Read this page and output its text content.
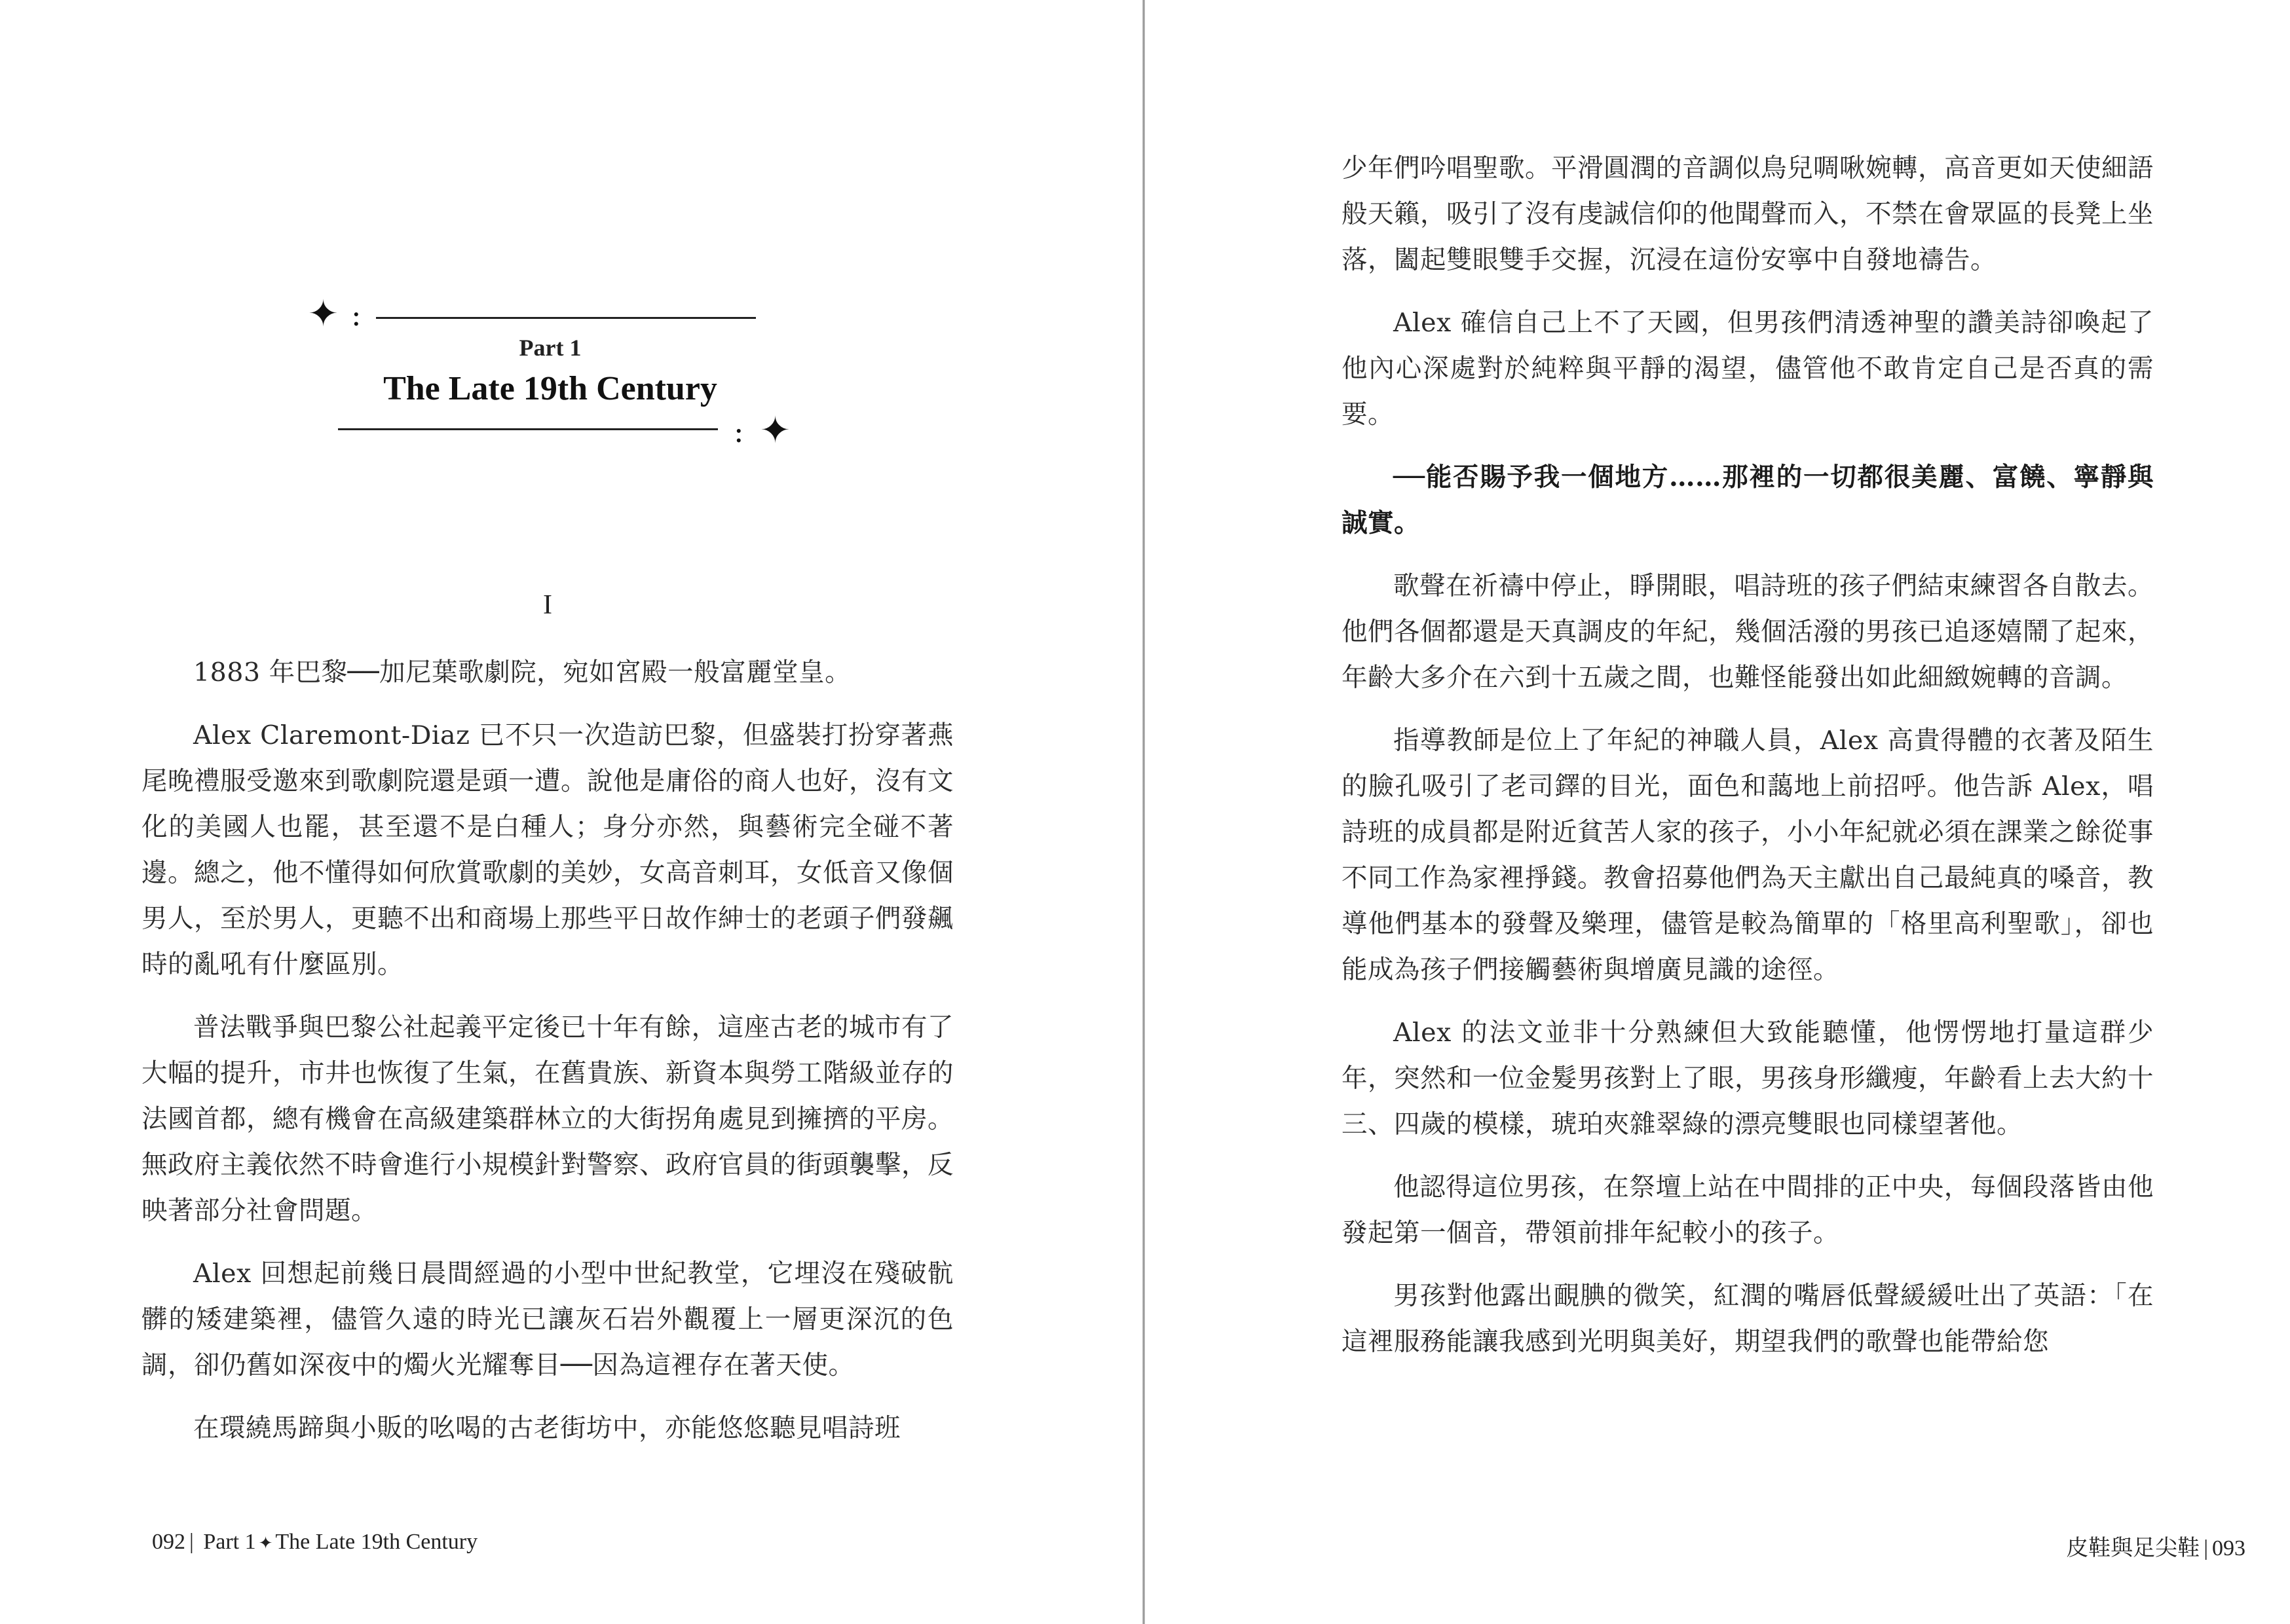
✦ :
Part 1
The Late 19th Century
: ✦
I

1883 年巴黎──加尼葉歌劇院，宛如宮殿一般富麗堂皇。

Alex Claremont-Diaz 已不只一次造訪巴黎，但盛裝打扮穿著燕尾晚禮服受邀來到歌劇院還是頭一遭。說他是庸俗的商人也好，沒有文化的美國人也罷，甚至還不是白種人；身分亦然，與藝術完全碰不著邊。總之，他不懂得如何欣賞歌劇的美妙，女高音刺耳，女低音又像個男人，至於男人，更聽不出和商場上那些平日故作紳士的老頭子們發飆時的亂吼有什麼區別。

普法戰爭與巴黎公社起義平定後已十年有餘，這座古老的城市有了大幅的提升，市井也恢復了生氣，在舊貴族、新資本與勞工階級並存的法國首都，總有機會在高級建築群林立的大街拐角處見到擁擠的平房。無政府主義依然不時會進行小規模針對警察、政府官員的街頭襲擊，反映著部分社會問題。

Alex 回想起前幾日晨間經過的小型中世紀教堂，它埋沒在殘破骯髒的矮建築裡，儘管久遠的時光已讓灰石岩外觀覆上一層更深沉的色調，卻仍舊如深夜中的燭火光耀奪目──因為這裡存在著天使。

在環繞馬蹄與小販的吆喝的古老街坊中，亦能悠悠聽見唱詩班

092 | Part 1 ✦ The Late 19th Century

少年們吟唱聖歌。平滑圓潤的音調似鳥兒啁啾婉轉，高音更如天使細語般天籟，吸引了沒有虔誠信仰的他聞聲而入，不禁在會眾區的長凳上坐落，闔起雙眼雙手交握，沉浸在這份安寧中自發地禱告。

Alex 確信自己上不了天國，但男孩們清透神聖的讚美詩卻喚起了他內心深處對於純粹與平靜的渴望，儘管他不敢肯定自己是否真的需要。

──能否賜予我一個地方……那裡的一切都很美麗、富饒、寧靜與誠實。

歌聲在祈禱中停止，睜開眼，唱詩班的孩子們結束練習各自散去。他們各個都還是天真調皮的年紀，幾個活潑的男孩已追逐嬉鬧了起來，年齡大多介在六到十五歲之間，也難怪能發出如此細緻婉轉的音調。

指導教師是位上了年紀的神職人員，Alex 高貴得體的衣著及陌生的臉孔吸引了老司鐸的目光，面色和藹地上前招呼。他告訴 Alex，唱詩班的成員都是附近貧苦人家的孩子，小小年紀就必須在課業之餘從事不同工作為家裡掙錢。教會招募他們為天主獻出自己最純真的嗓音，教導他們基本的發聲及樂理，儘管是較為簡單的「格里高利聖歌」，卻也能成為孩子們接觸藝術與增廣見識的途徑。

Alex 的法文並非十分熟練但大致能聽懂，他愣愣地打量這群少年，突然和一位金髮男孩對上了眼，男孩身形纖瘦，年齡看上去大約十三、四歲的模樣，琥珀夾雜翠綠的漂亮雙眼也同樣望著他。

他認得這位男孩，在祭壇上站在中間排的正中央，每個段落皆由他發起第一個音，帶領前排年紀較小的孩子。

男孩對他露出靦腆的微笑，紅潤的嘴唇低聲緩緩吐出了英語：「在這裡服務能讓我感到光明與美好，期望我們的歌聲也能帶給您

皮鞋與足尖鞋 | 093
